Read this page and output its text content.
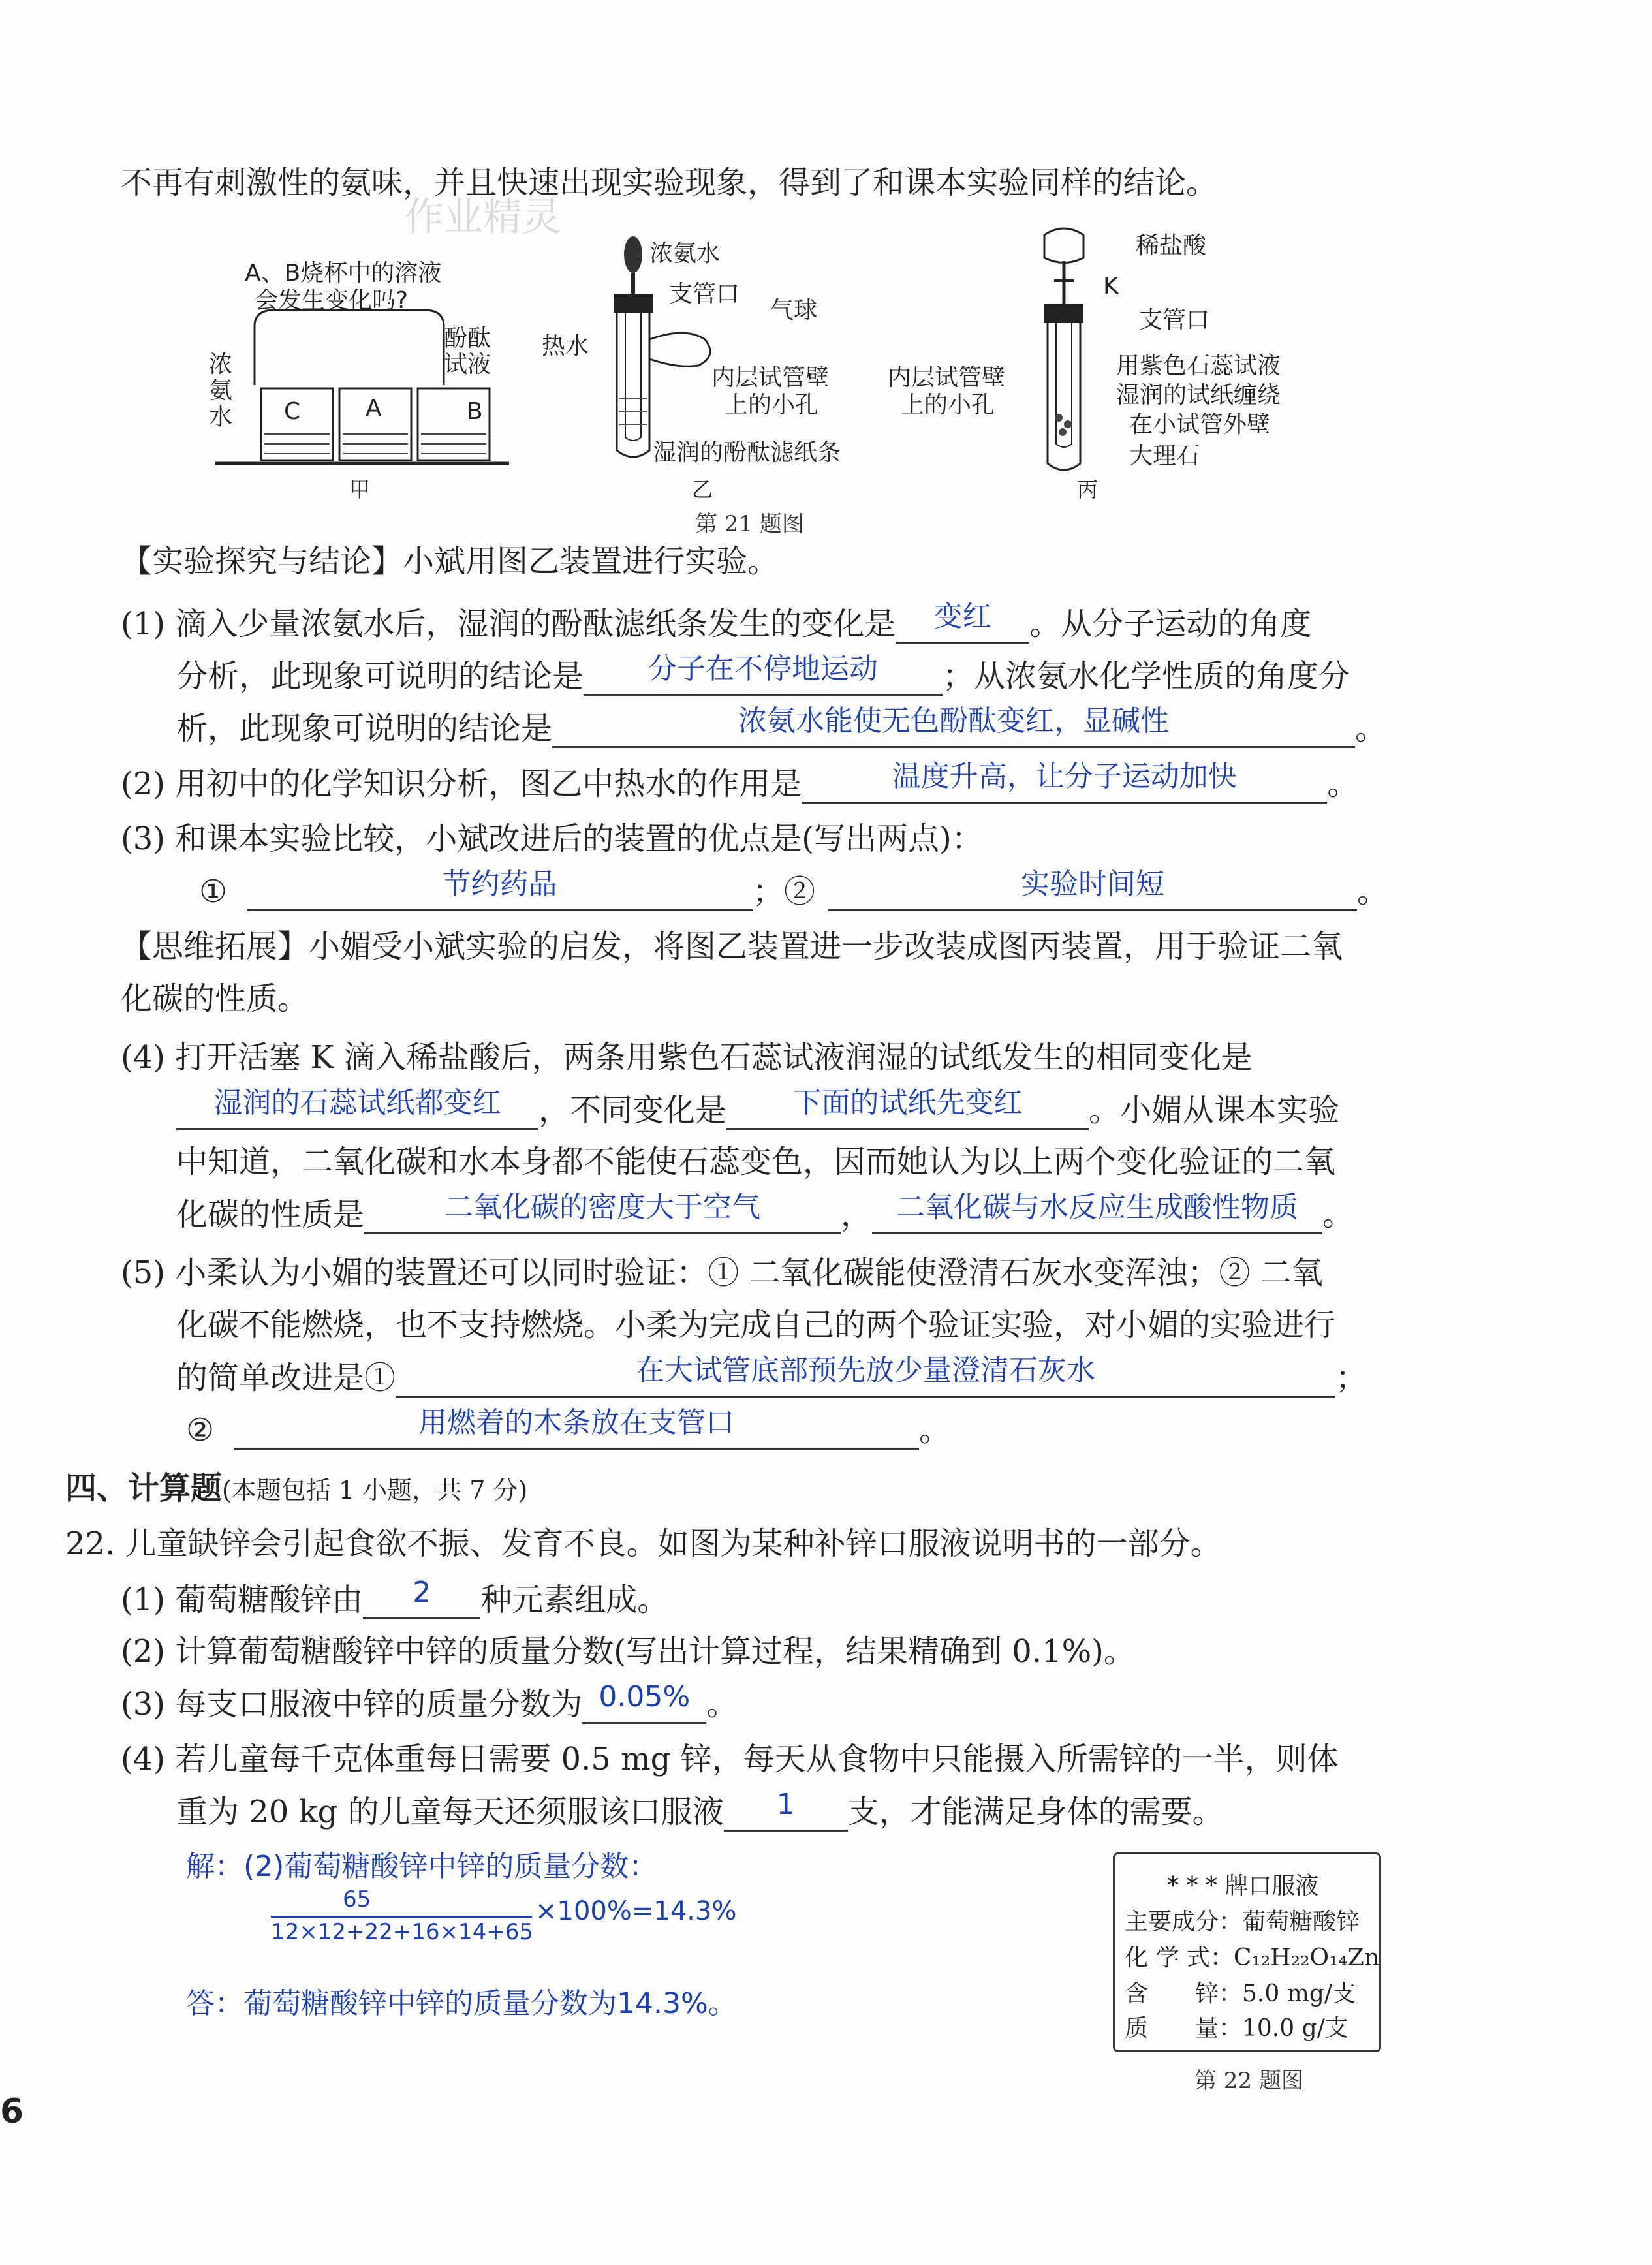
不再有刺激性的氨味，并且快速出现实验现象，得到了和课本实验同样的结论。
作业精灵
A、B烧杯中的溶液
会发生变化吗?
浓
氨
水
酚酞
试液
C	A	B
甲
浓氨水
支管口
气球
热水
内层试管壁
上的小孔
湿润的酚酞滤纸条
乙
稀盐酸
K
支管口
内层试管壁
上的小孔
用紫色石蕊试液
湿润的试纸缠绕
在小试管外壁
大理石
丙
第 21 题图
【实验探究与结论】小斌用图乙装置进行实验。
(1) 滴入少量浓氨水后，湿润的酚酞滤纸条发生的变化是 变红 。从分子运动的角度
分析，此现象可说明的结论是 分子在不停地运动 ；从浓氨水化学性质的角度分
析，此现象可说明的结论是	浓氨水能使无色酚酞变红，显碱性	。
(2) 用初中的化学知识分析，图乙中热水的作用是	温度升高，让分子运动加快	。
(3) 和课本实验比较，小斌改进后的装置的优点是(写出两点)：
①	节约药品	；②	实验时间短	。
【思维拓展】小媚受小斌实验的启发，将图乙装置进一步改装成图丙装置，用于验证二氧
化碳的性质。
(4) 打开活塞 K 滴入稀盐酸后，两条用紫色石蕊试液润湿的试纸发生的相同变化是
湿润的石蕊试纸都变红 ，不同变化是 下面的试纸先变红 。小媚从课本实验
中知道，二氧化碳和水本身都不能使石蕊变色，因而她认为以上两个变化验证的二氧
化碳的性质是	二氧化碳的密度大于空气	， 二氧化碳与水反应生成酸性物质 。
(5) 小柔认为小媚的装置还可以同时验证：① 二氧化碳能使澄清石灰水变浑浊；② 二氧
化碳不能燃烧，也不支持燃烧。小柔为完成自己的两个验证实验，对小媚的实验进行
的简单改进是①	在大试管底部预先放少量澄清石灰水	；
②	用燃着的木条放在支管口	。
四、计算题(本题包括 1 小题，共 7 分)
22. 儿童缺锌会引起食欲不振、发育不良。如图为某种补锌口服液说明书的一部分。
(1) 葡萄糖酸锌由 2 种元素组成。
(2) 计算葡萄糖酸锌中锌的质量分数(写出计算过程，结果精确到 0.1%)。
(3) 每支口服液中锌的质量分数为 0.05% 。
(4) 若儿童每千克体重每日需要 0.5 mg 锌，每天从食物中只能摄入所需锌的一半，则体
重为 20 kg 的儿童每天还须服该口服液 1 支，才能满足身体的需要。
解：(2)葡萄糖酸锌中锌的质量分数：
65
12×12+22+16×14+65
×100%=14.3%
答：葡萄糖酸锌中锌的质量分数为14.3%。
* * * 牌口服液
主要成分：葡萄糖酸锌
化 学 式：C₁₂H₂₂O₁₄Zn
含　　锌：5.0 mg/支
质　　量：10.0 g/支
第 22 题图
6
